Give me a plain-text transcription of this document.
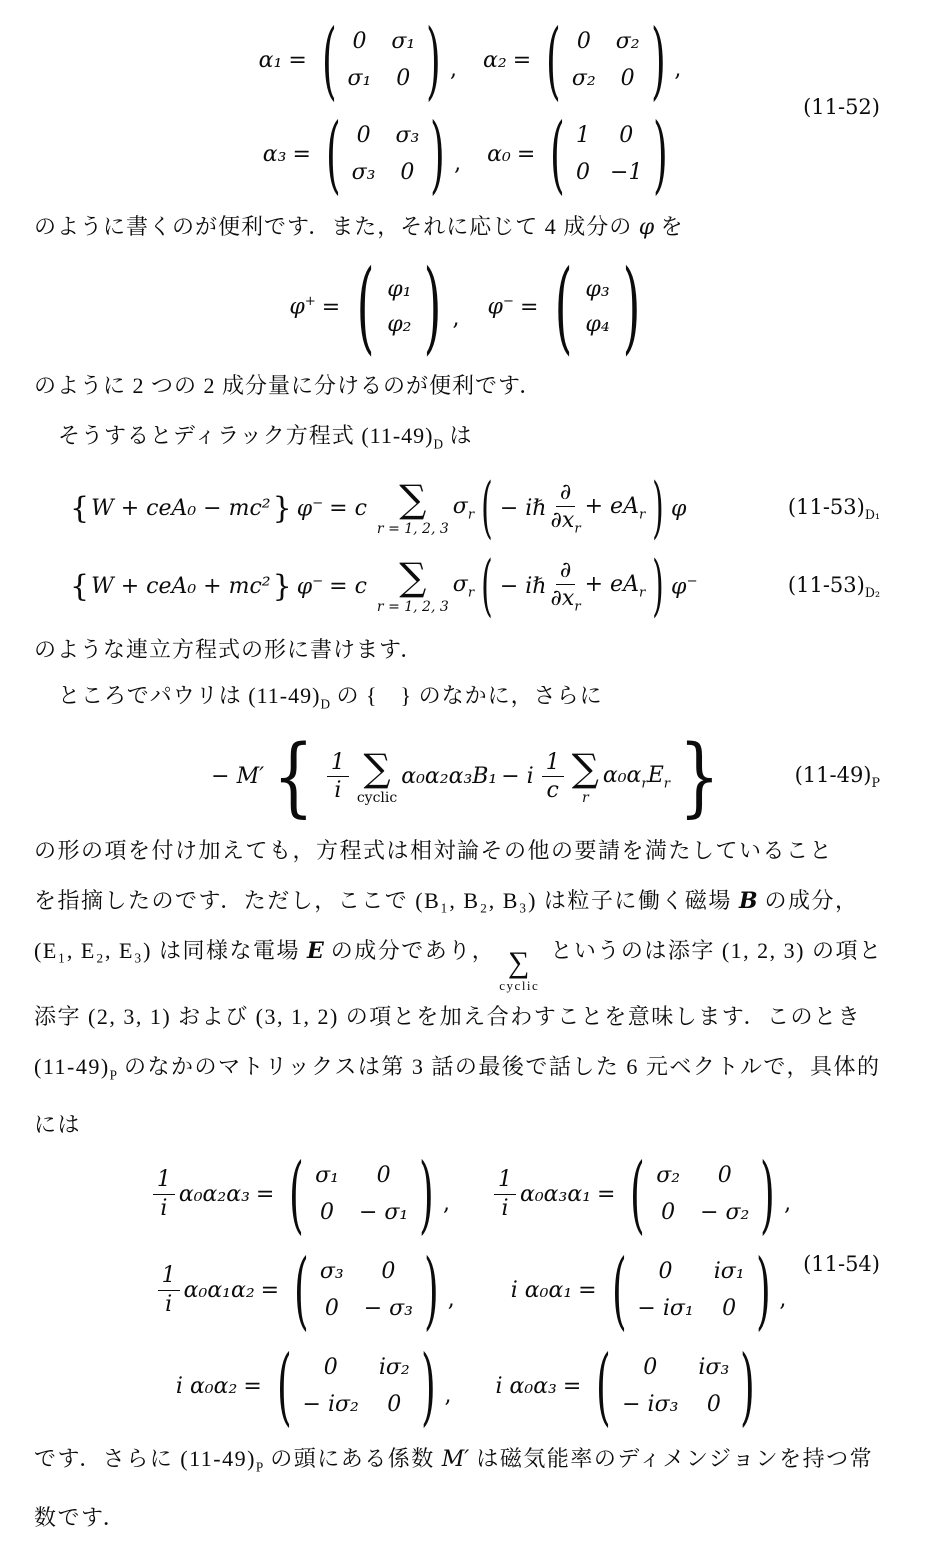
(11-52)
α₁ = ( 0 σ₁
σ₁ 0 ) , α₂ = ( 0 σ₂
σ₂ 0 ) ,
α₃ = ( 0 σ₃
σ₃ 0 ) , α₀ = ( 1 0
0 −1 )
のように書くのが便利です．また，それに応じて 4 成分の φ を
φ+ = ( φ₁
φ₂ ) , φ− = ( φ₃
φ₄ )
のように 2 つの 2 成分量に分けるのが便利です．
そうするとディラック方程式 $(11-49)_D$ は
{ W + ceA₀ − mc² } φ− = c ∑
r = 1, 2, 3
$\sigma_r$ ( − iℏ $\frac{\partial}{\partial x_r} + eA_r$ ) φ	$(11-53)_{D_1}$
{ W + ceA₀ + mc² } φ− = c ∑
r = 1, 2, 3
$\sigma_r$ ( − iℏ $\frac{\partial}{\partial x_r} + eA_r$ ) φ−	$(11-53)_{D_2}$
のような連立方程式の形に書けます．
ところでパウリは $(11-49)_D$ の {　} のなかに，さらに
− M′ { $\frac{1}{i}$ ∑
cyclic
α₀α₂α₃B₁ − i $\frac{1}{c}$ ∑
r
$\alpha_0\alpha_rE_r$ }	$(11-49)_P$
の形の項を付け加えても，方程式は相対論その他の要請を満たしていること
を指摘したのです．ただし，ここで (B₁, B₂, B₃) は粒子に働く磁場 B の成分，
(E₁, E₂, E₃) は同様な電場 E の成分であり， ∑
cyclic
というのは添字 (1, 2, 3) の項と
添字 (2, 3, 1) および (3, 1, 2) の項とを加え合わすことを意味します．このとき
$(11-49)_P$ のなかのマトリックスは第 3 話の最後で話した 6 元ベクトルで，具体的
には
(11-54)
$\frac{1}{i} \alpha_0\alpha_2\alpha_3$ = ( σ₁ 0
0 − σ₁ ) , $\frac{1}{i} \alpha_0\alpha_3\alpha_1$ = ( σ₂ 0
0 − σ₂ ) ,
$\frac{1}{i} \alpha_0\alpha_1\alpha_2$ = ( σ₃ 0
0 − σ₃ ) ,	i α₀α₁ = ( 0 iσ₁
− iσ₁ 0 ) ,
i α₀α₂ = ( 0 iσ₂
− iσ₂ 0 ) , i α₀α₃ = ( 0 iσ₃
− iσ₃ 0 )
です．さらに $(11-49)_P$ の頭にある係数 M′ は磁気能率のディメンジョンを持つ常
数です．
